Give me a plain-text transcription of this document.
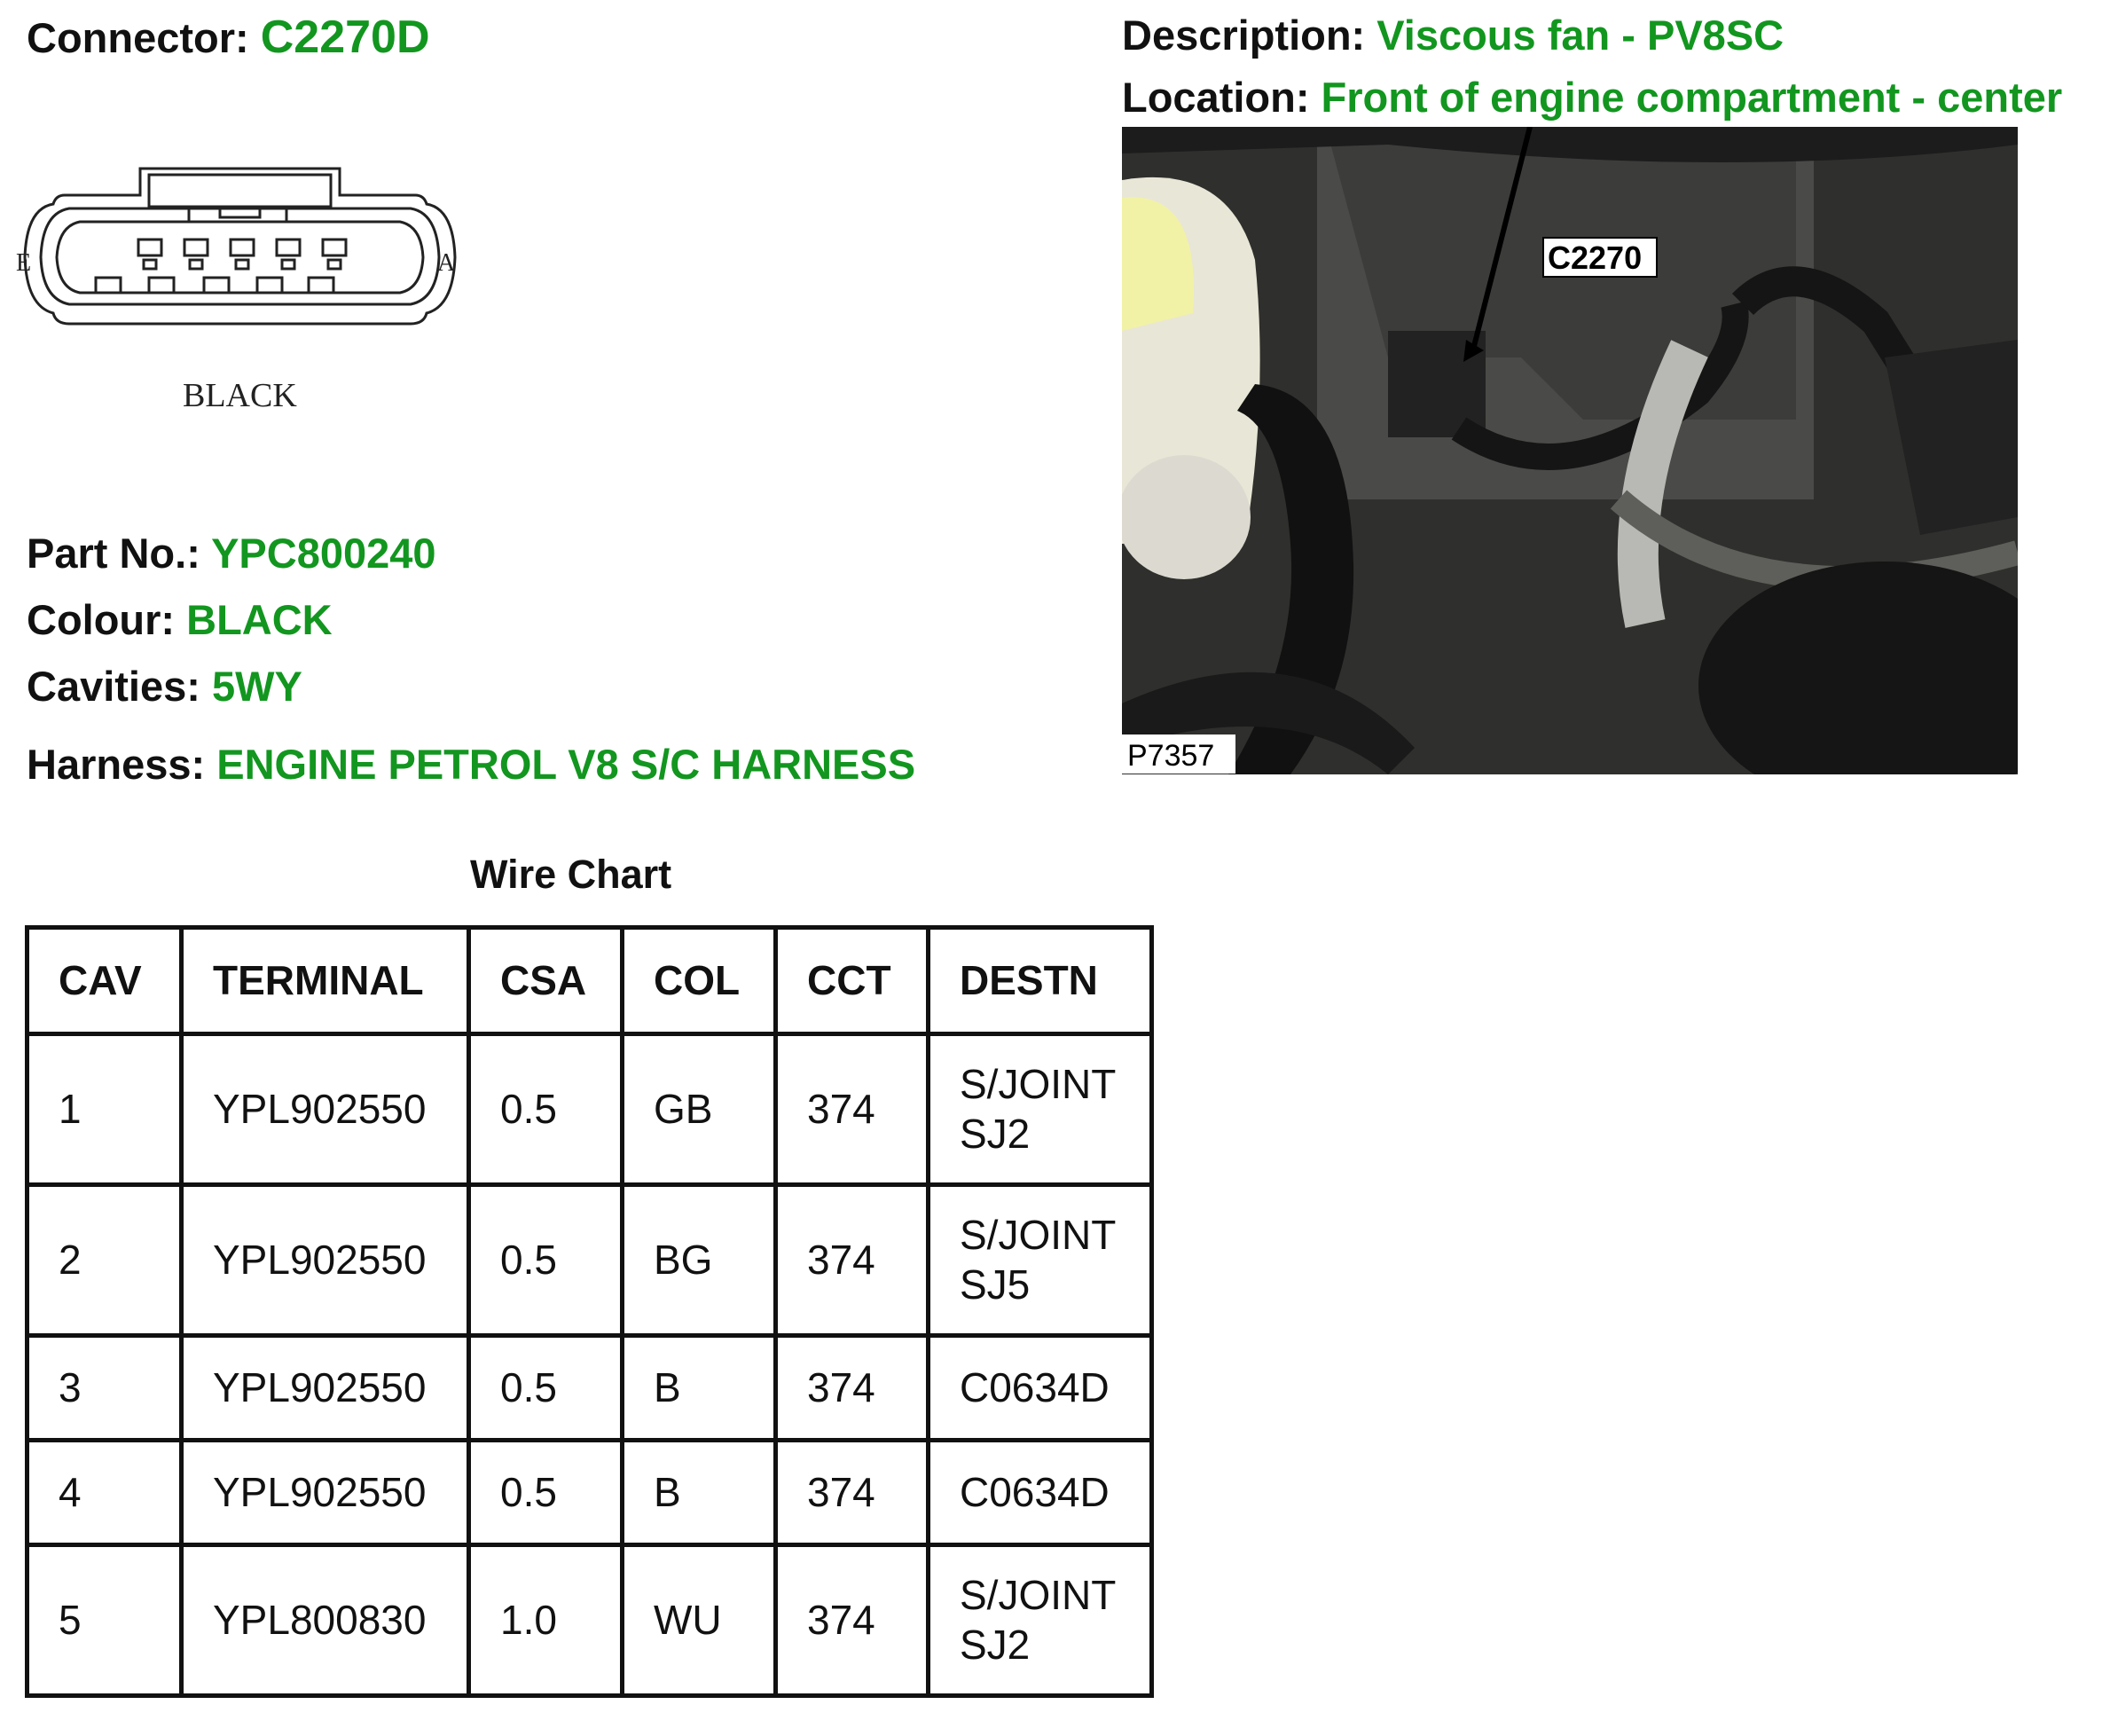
Connector: C2270D	Description: Viscous fan - PV8SC
Location: Front of engine compartment - center
E	A
BLACK
C2270
P7357
Part No.: YPC800240
Colour: BLACK
Cavities: 5WY
Harness: ENGINE PETROL V8 S/C HARNESS
Wire Chart
CAV	TERMINAL	CSA	COL	CCT	DESTN
1	YPL902550	0.5	GB	374	S/JOINT
SJ2
2	YPL902550	0.5	BG	374	S/JOINT
SJ5
3	YPL902550	0.5	B	374	C0634D
4	YPL902550	0.5	B	374	C0634D
5	YPL800830	1.0	WU	374	S/JOINT
SJ2
